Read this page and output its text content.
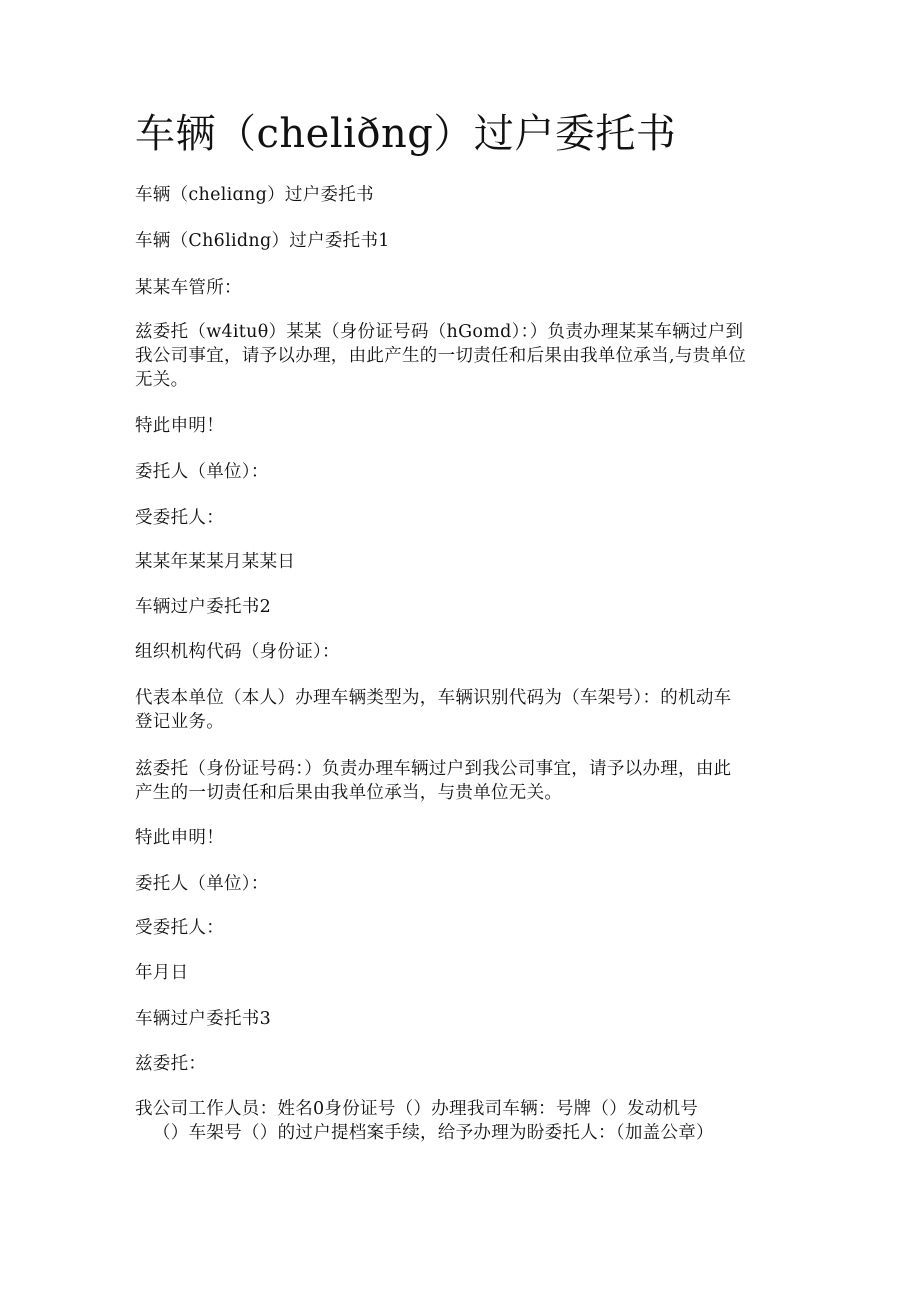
车辆（cheliðng）过户委托书
车辆（cheliɑng）过户委托书
车辆（Ch6lidng）过户委托书1
某某车管所：
兹委托（w4ituθ）某某（身份证号码（hGomd）：）负责办理某某车辆过户到
我公司事宜，请予以办理，由此产生的一切责任和后果由我单位承当,与贵单位
无关。
特此申明！
委托人（单位）：
受委托人：
某某年某某月某某日
车辆过户委托书2
组织机构代码（身份证）：
代表本单位（本人）办理车辆类型为，车辆识别代码为（车架号）：的机动车
登记业务。
兹委托（身份证号码：）负责办理车辆过户到我公司事宜，请予以办理，由此
产生的一切责任和后果由我单位承当，与贵单位无关。
特此申明！
委托人（单位）：
受委托人：
年月日
车辆过户委托书3
兹委托：
我公司工作人员：姓名0身份证号（）办理我司车辆：号牌（）发动机号
（）车架号（）的过户提档案手续，给予办理为盼委托人：（加盖公章）
